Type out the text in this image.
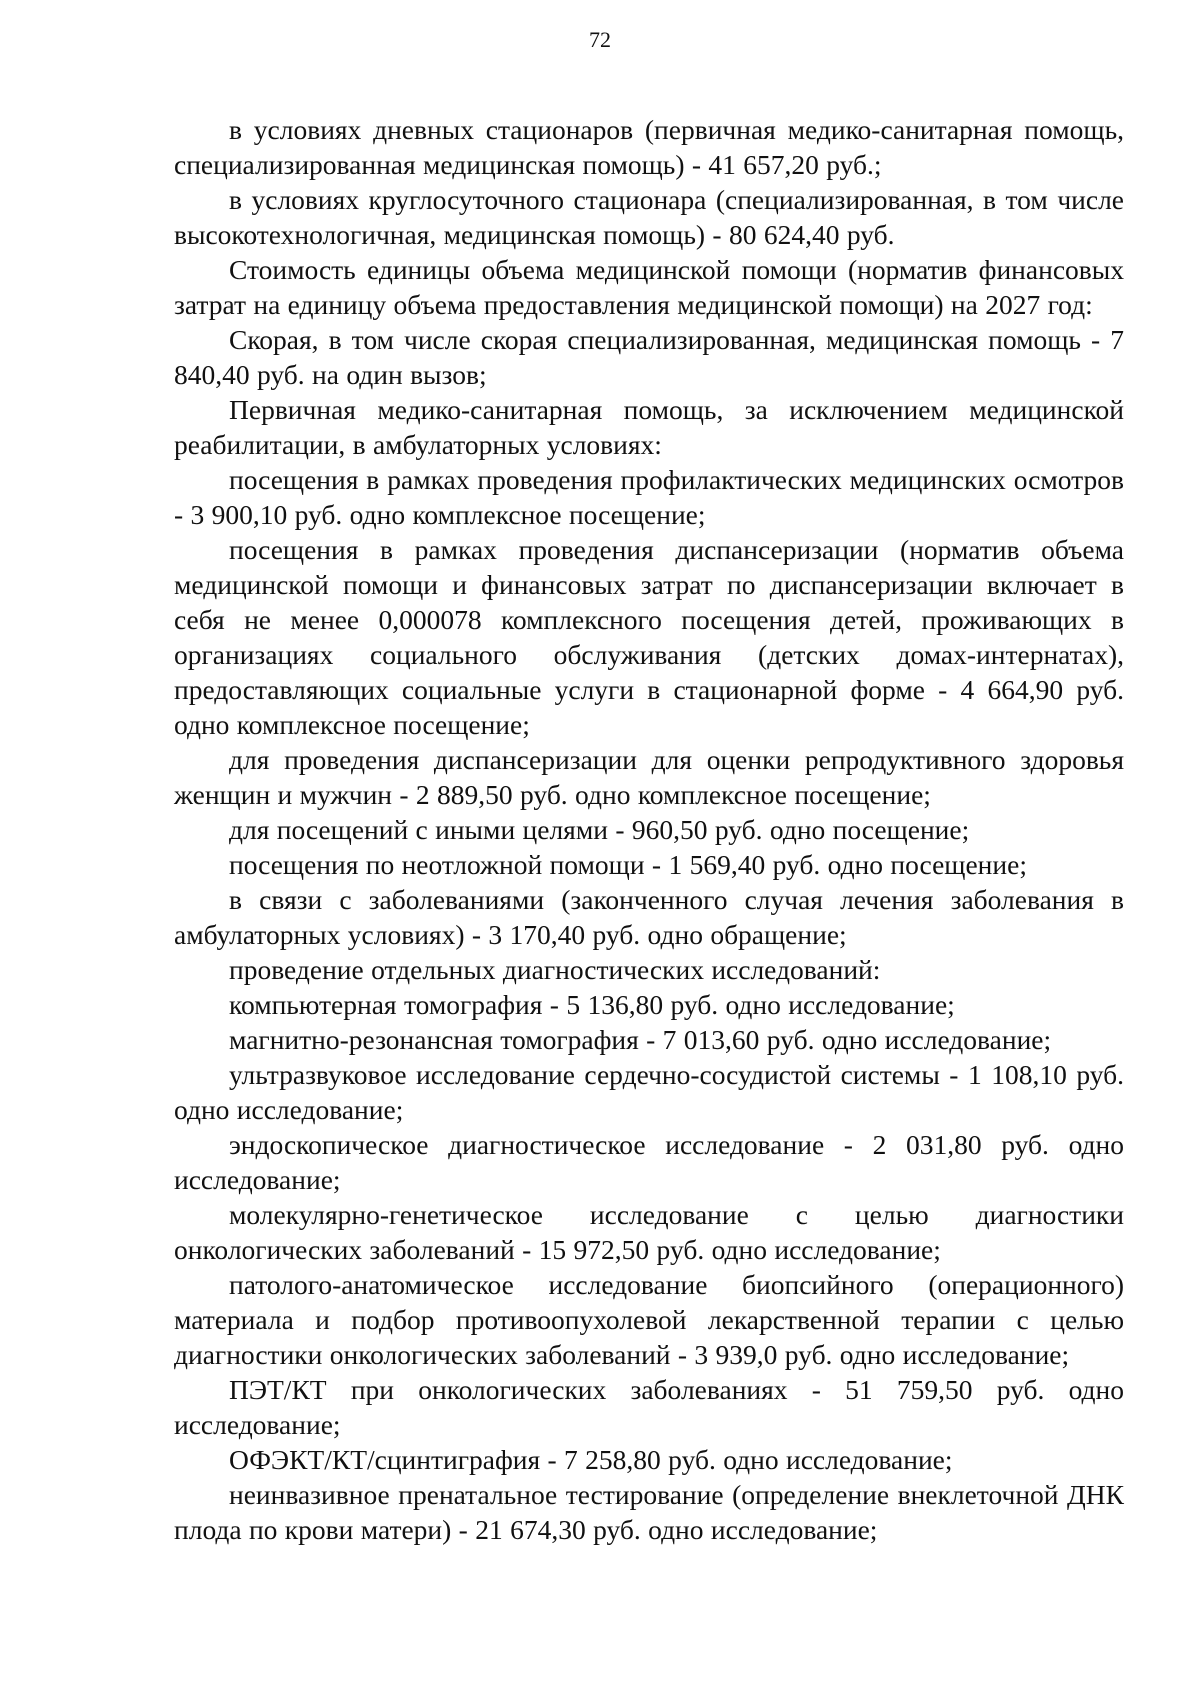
72

в условиях дневных стационаров (первичная медико-санитарная помощь, специализированная медицинская помощь) - 41 657,20 руб.;

в условиях круглосуточного стационара (специализированная, в том числе высокотехнологичная, медицинская помощь) - 80 624,40 руб.

Стоимость единицы объема медицинской помощи (норматив финансовых затрат на единицу объема предоставления медицинской помощи) на 2027 год:

Скорая, в том числе скорая специализированная, медицинская помощь - 7 840,40 руб. на один вызов;

Первичная медико-санитарная помощь, за исключением медицинской реабилитации, в амбулаторных условиях:

посещения в рамках проведения профилактических медицинских осмотров - 3 900,10 руб. одно комплексное посещение;

посещения в рамках проведения диспансеризации (норматив объема медицинской помощи и финансовых затрат по диспансеризации включает в себя не менее 0,000078 комплексного посещения детей, проживающих в организациях социального обслуживания (детских домах-интернатах), предоставляющих социальные услуги в стационарной форме - 4 664,90 руб. одно комплексное посещение;

для проведения диспансеризации для оценки репродуктивного здоровья женщин и мужчин - 2 889,50 руб. одно комплексное посещение;

для посещений с иными целями - 960,50 руб. одно посещение;

посещения по неотложной помощи - 1 569,40 руб. одно посещение;

в связи с заболеваниями (законченного случая лечения заболевания в амбулаторных условиях) - 3 170,40 руб. одно обращение;

проведение отдельных диагностических исследований:

компьютерная томография - 5 136,80 руб. одно исследование;

магнитно-резонансная томография - 7 013,60 руб. одно исследование;

ультразвуковое исследование сердечно-сосудистой системы - 1 108,10 руб. одно исследование;

эндоскопическое диагностическое исследование - 2 031,80 руб. одно исследование;

молекулярно-генетическое исследование с целью диагностики онкологических заболеваний - 15 972,50 руб. одно исследование;

патолого-анатомическое исследование биопсийного (операционного) материала и подбор противоопухолевой лекарственной терапии с целью диагностики онкологических заболеваний - 3 939,0 руб. одно исследование;

ПЭТ/КТ при онкологических заболеваниях - 51 759,50 руб. одно исследование;

ОФЭКТ/КТ/сцинтиграфия - 7 258,80 руб. одно исследование;

неинвазивное пренатальное тестирование (определение внеклеточной ДНК плода по крови матери) - 21 674,30 руб. одно исследование;
